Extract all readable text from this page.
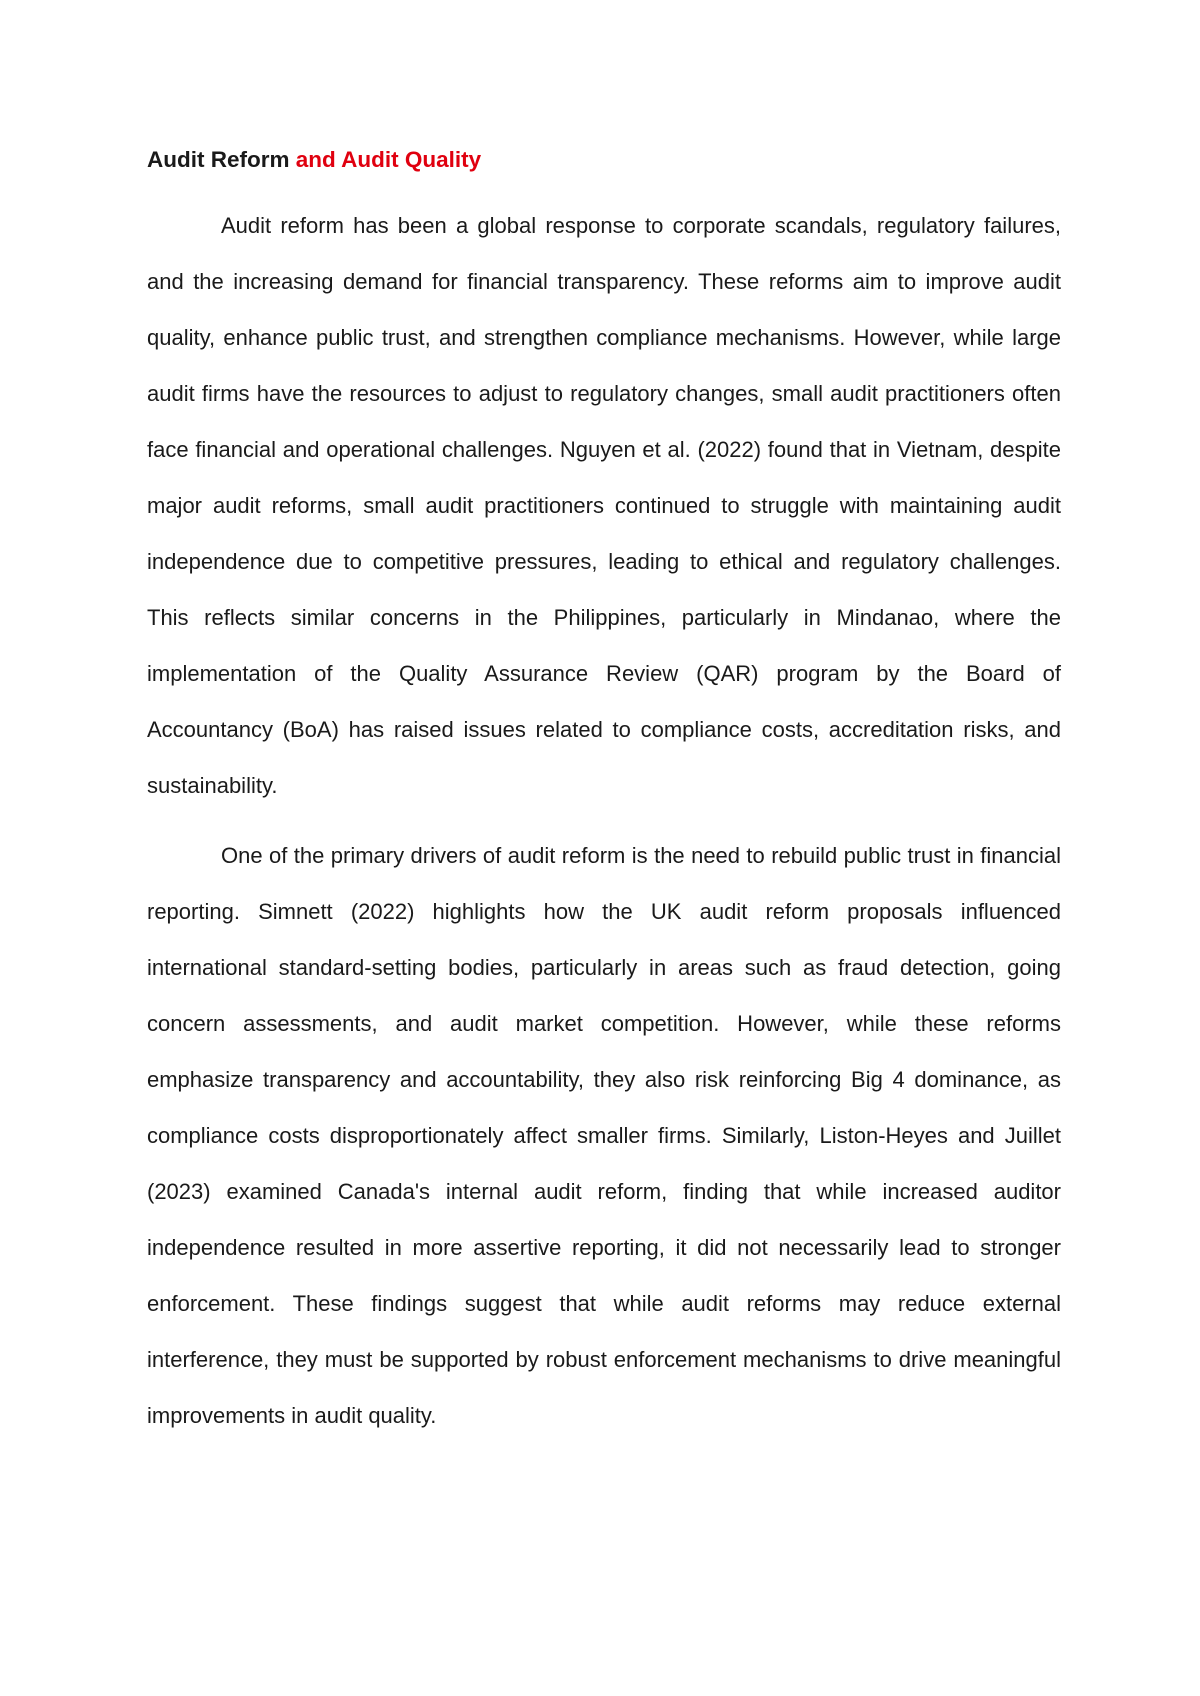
Audit Reform and Audit Quality

Audit reform has been a global response to corporate scandals, regulatory failures, and the increasing demand for financial transparency. These reforms aim to improve audit quality, enhance public trust, and strengthen compliance mechanisms. However, while large audit firms have the resources to adjust to regulatory changes, small audit practitioners often face financial and operational challenges. Nguyen et al. (2022) found that in Vietnam, despite major audit reforms, small audit practitioners continued to struggle with maintaining audit independence due to competitive pressures, leading to ethical and regulatory challenges. This reflects similar concerns in the Philippines, particularly in Mindanao, where the implementation of the Quality Assurance Review (QAR) program by the Board of Accountancy (BoA) has raised issues related to compliance costs, accreditation risks, and sustainability.

One of the primary drivers of audit reform is the need to rebuild public trust in financial reporting. Simnett (2022) highlights how the UK audit reform proposals influenced international standard-setting bodies, particularly in areas such as fraud detection, going concern assessments, and audit market competition. However, while these reforms emphasize transparency and accountability, they also risk reinforcing Big 4 dominance, as compliance costs disproportionately affect smaller firms. Similarly, Liston-Heyes and Juillet (2023) examined Canada's internal audit reform, finding that while increased auditor independence resulted in more assertive reporting, it did not necessarily lead to stronger enforcement. These findings suggest that while audit reforms may reduce external interference, they must be supported by robust enforcement mechanisms to drive meaningful improvements in audit quality.
